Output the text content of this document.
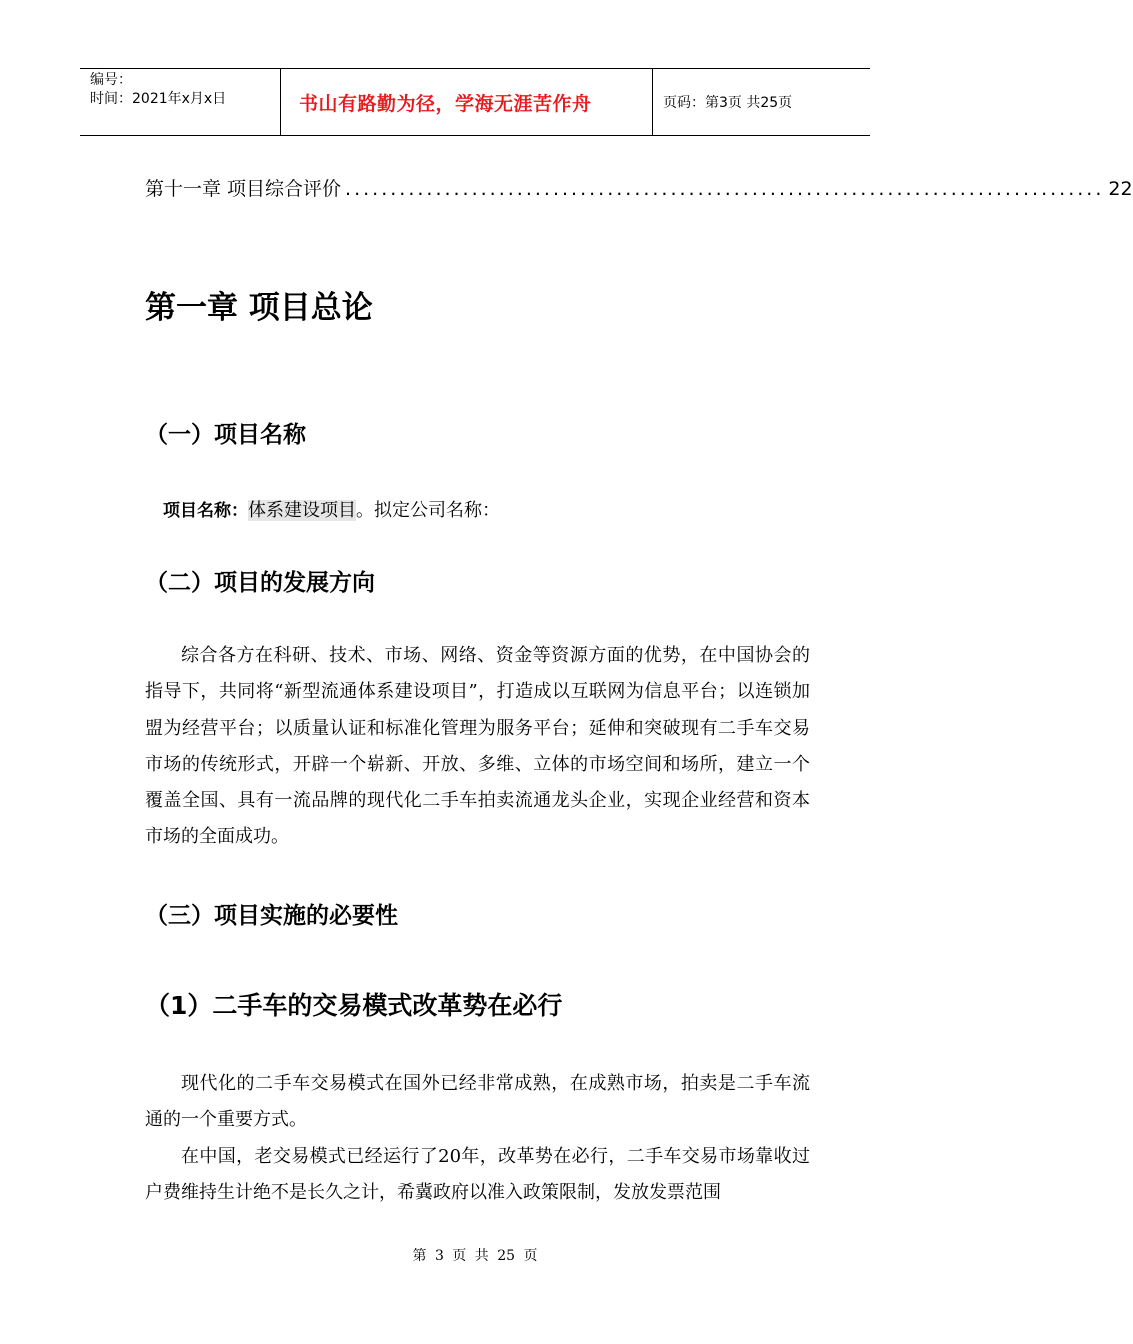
编号：
时间：2021年x月x日	书山有路勤为径，学海无涯苦作舟	页码：第3页 共25页
第十一章 项目综合评价 .................................................................................... 22
第一章 项目总论
（一）项目名称
项目名称：体系建设项目。拟定公司名称：
（二）项目的发展方向
综合各方在科研、技术、市场、网络、资金等资源方面的优势，在中国协会的指导下，共同将“新型流通体系建设项目”，打造成以互联网为信息平台；以连锁加盟为经营平台；以质量认证和标准化管理为服务平台；延伸和突破现有二手车交易市场的传统形式，开辟一个崭新、开放、多维、立体的市场空间和场所，建立一个覆盖全国、具有一流品牌的现代化二手车拍卖流通龙头企业，实现企业经营和资本市场的全面成功。
（三）项目实施的必要性
（1）二手车的交易模式改革势在必行
现代化的二手车交易模式在国外已经非常成熟，在成熟市场，拍卖是二手车流通的一个重要方式。
在中国，老交易模式已经运行了20年，改革势在必行，二手车交易市场靠收过户费维持生计绝不是长久之计，希冀政府以准入政策限制，发放发票范围
第 3 页 共 25 页
